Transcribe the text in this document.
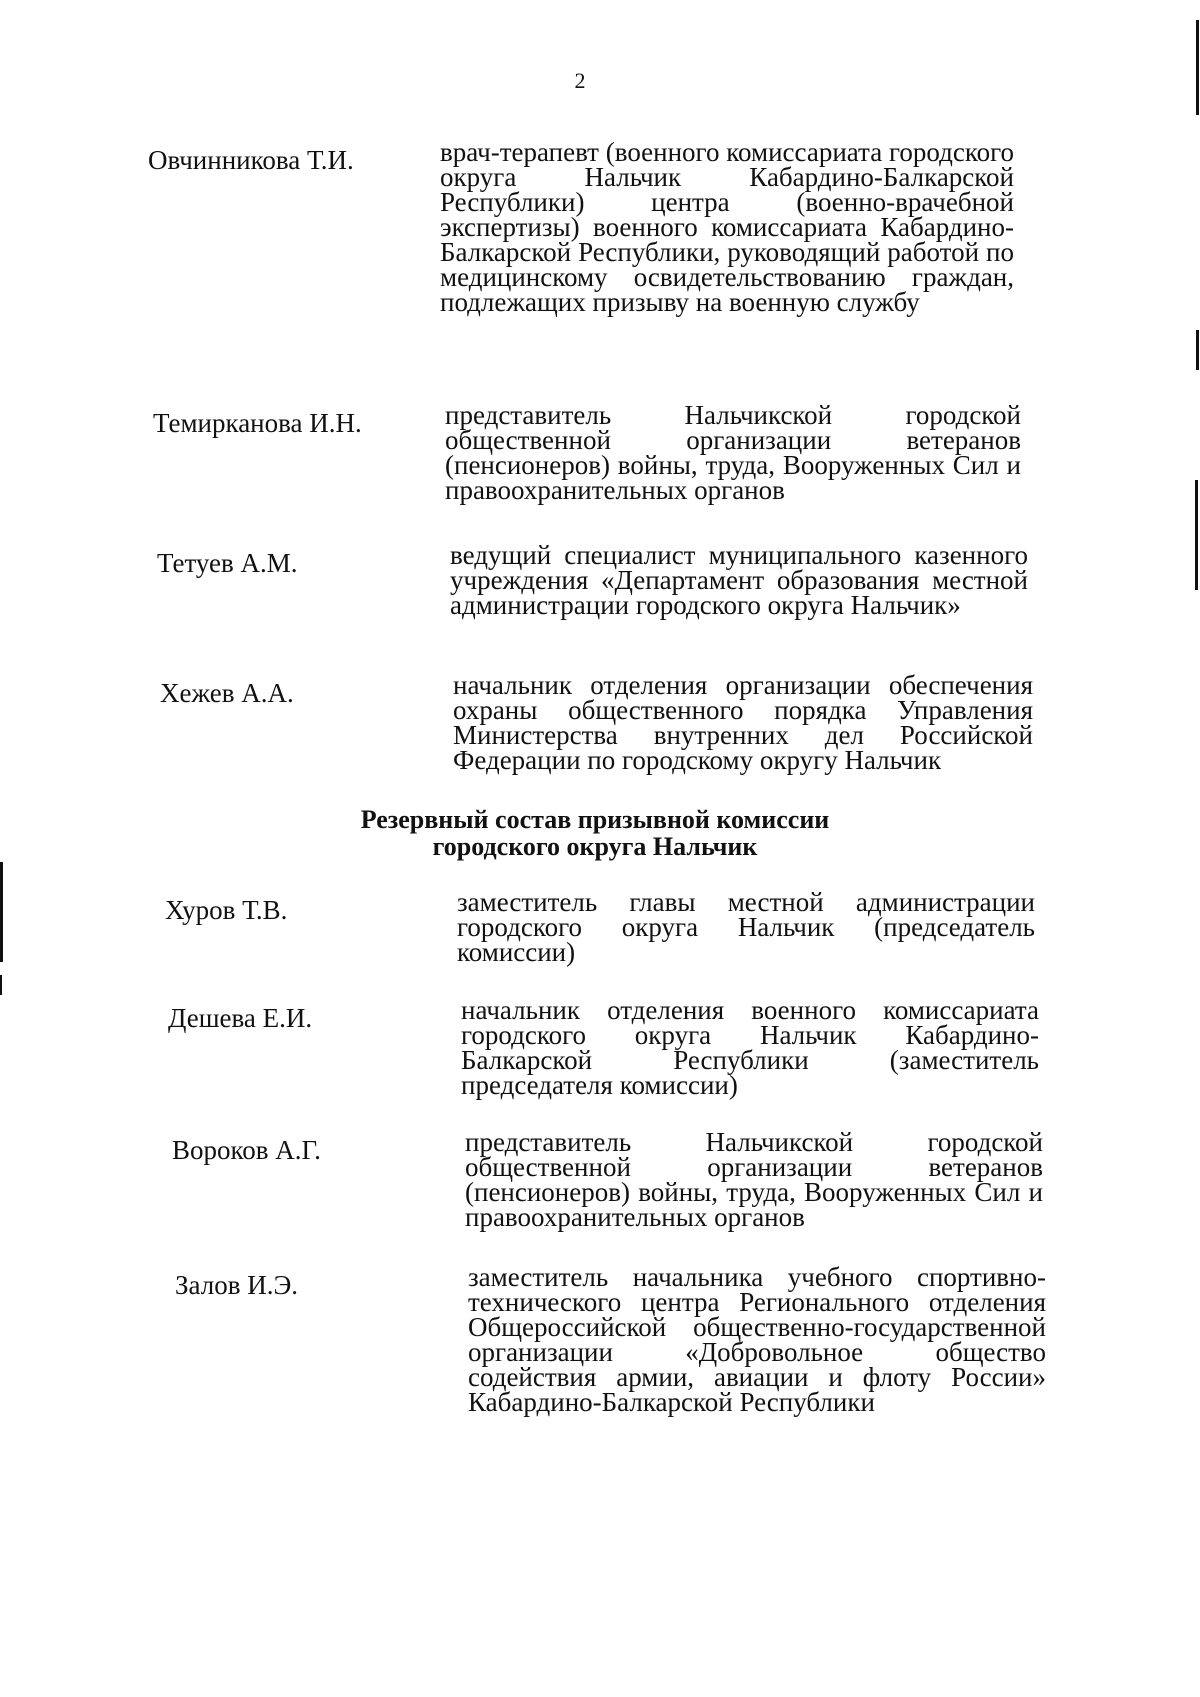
2
Овчинникова Т.И.	врач-терапевт (военного комиссариата городского округа Нальчик Кабардино-Балкарской Республики) центра (военно-врачебной экспертизы) военного комиссариата Кабардино-Балкарской Республики, руководящий работой по медицинскому освидетельствованию граждан, подлежащих призыву на военную службу
Темирканова И.Н.	представитель Нальчикской городской общественной организации ветеранов (пенсионеров) войны, труда, Вооруженных Сил и правоохранительных органов
Тетуев А.М.	ведущий специалист муниципального казенного учреждения «Департамент образования местной администрации городского округа Нальчик»
Хежев А.А.	начальник отделения организации обеспечения охраны общественного порядка Управления Министерства внутренних дел Российской Федерации по городскому округу Нальчик
Резервный состав призывной комиссии
городского округа Нальчик
Хуров Т.В.	заместитель главы местной администрации городского округа Нальчик (председатель комиссии)
Дешева Е.И.	начальник отделения военного комиссариата городского округа Нальчик Кабардино-Балкарской Республики (заместитель председателя комиссии)
Вороков А.Г.	представитель Нальчикской городской общественной организации ветеранов (пенсионеров) войны, труда, Вооруженных Сил и правоохранительных органов
Залов И.Э.	заместитель начальника учебного спортивно-технического центра Регионального отделения Общероссийской общественно-государственной организации «Добровольное общество содействия армии, авиации и флоту России» Кабардино-Балкарской Республики
